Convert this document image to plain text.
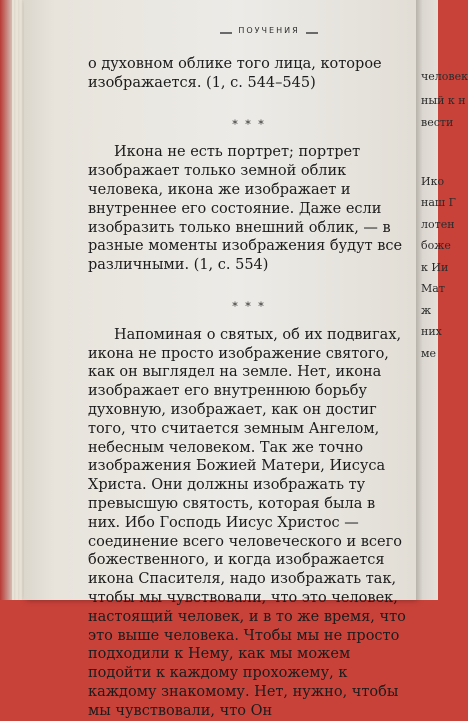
ПОУЧЕНИЯ

о духовном облике того лица, которое изображается. (1, с. 544–545)

* * *

Икона не есть портрет; портрет изображает только земной облик человека, икона же изображает и внутреннее его состояние. Даже если изобразить только внешний облик, — в разные моменты изображения будут все различными. (1, с. 554)

* * *

Напоминая о святых, об их подвигах, икона не просто изображение святого, как он выглядел на земле. Нет, икона изображает его внутреннюю борьбу духовную, изображает, как он достиг того, что считается земным Ангелом, небесным человеком. Так же точно изображения Божией Матери, Иисуса Христа. Они должны изображать ту превысшую святость, которая была в них. Ибо Господь Иисус Христос — соединение всего человеческого и всего божественного, и когда изображается икона Спасителя, надо изображать так, чтобы мы чувствовали, что это человек, настоящий человек, и в то же время, что это выше человека. Чтобы мы не просто подходили к Нему, как мы можем подойти к каждому прохожему, к каждому знакомому. Нет, нужно, чтобы мы чувствовали, что Он

человек
ный к н
вести
Ико
наш Г
лотен
боже
к Ии
Мат
ж
них
ме
